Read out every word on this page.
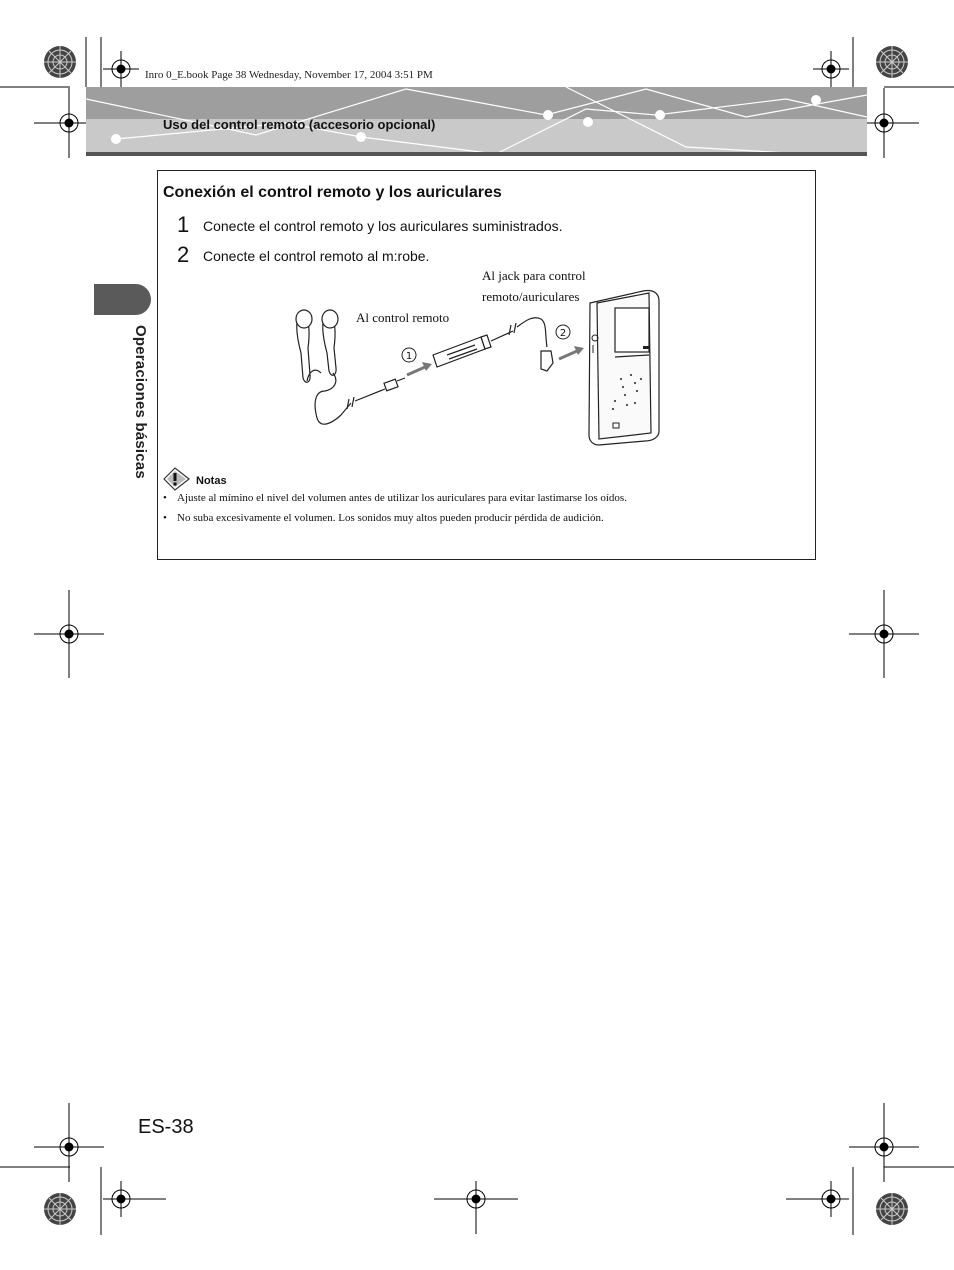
Inro 0_E.book Page 38 Wednesday, November 17, 2004 3:51 PM
Uso del control remoto (accesorio opcional)
Operaciones básicas
Conexión el control remoto y los auriculares
1 Conecte el control remoto y los auriculares suministrados.
2 Conecte el control remoto al m:robe.
Al jack para control
remoto/auriculares
Al control remoto
1
2
Notas
• Ajuste al mímino el nivel del volumen antes de utilizar los auriculares para evitar lastimarse los oídos.
• No suba excesivamente el volumen. Los sonidos muy altos pueden producir pérdida de audición.
ES-38
